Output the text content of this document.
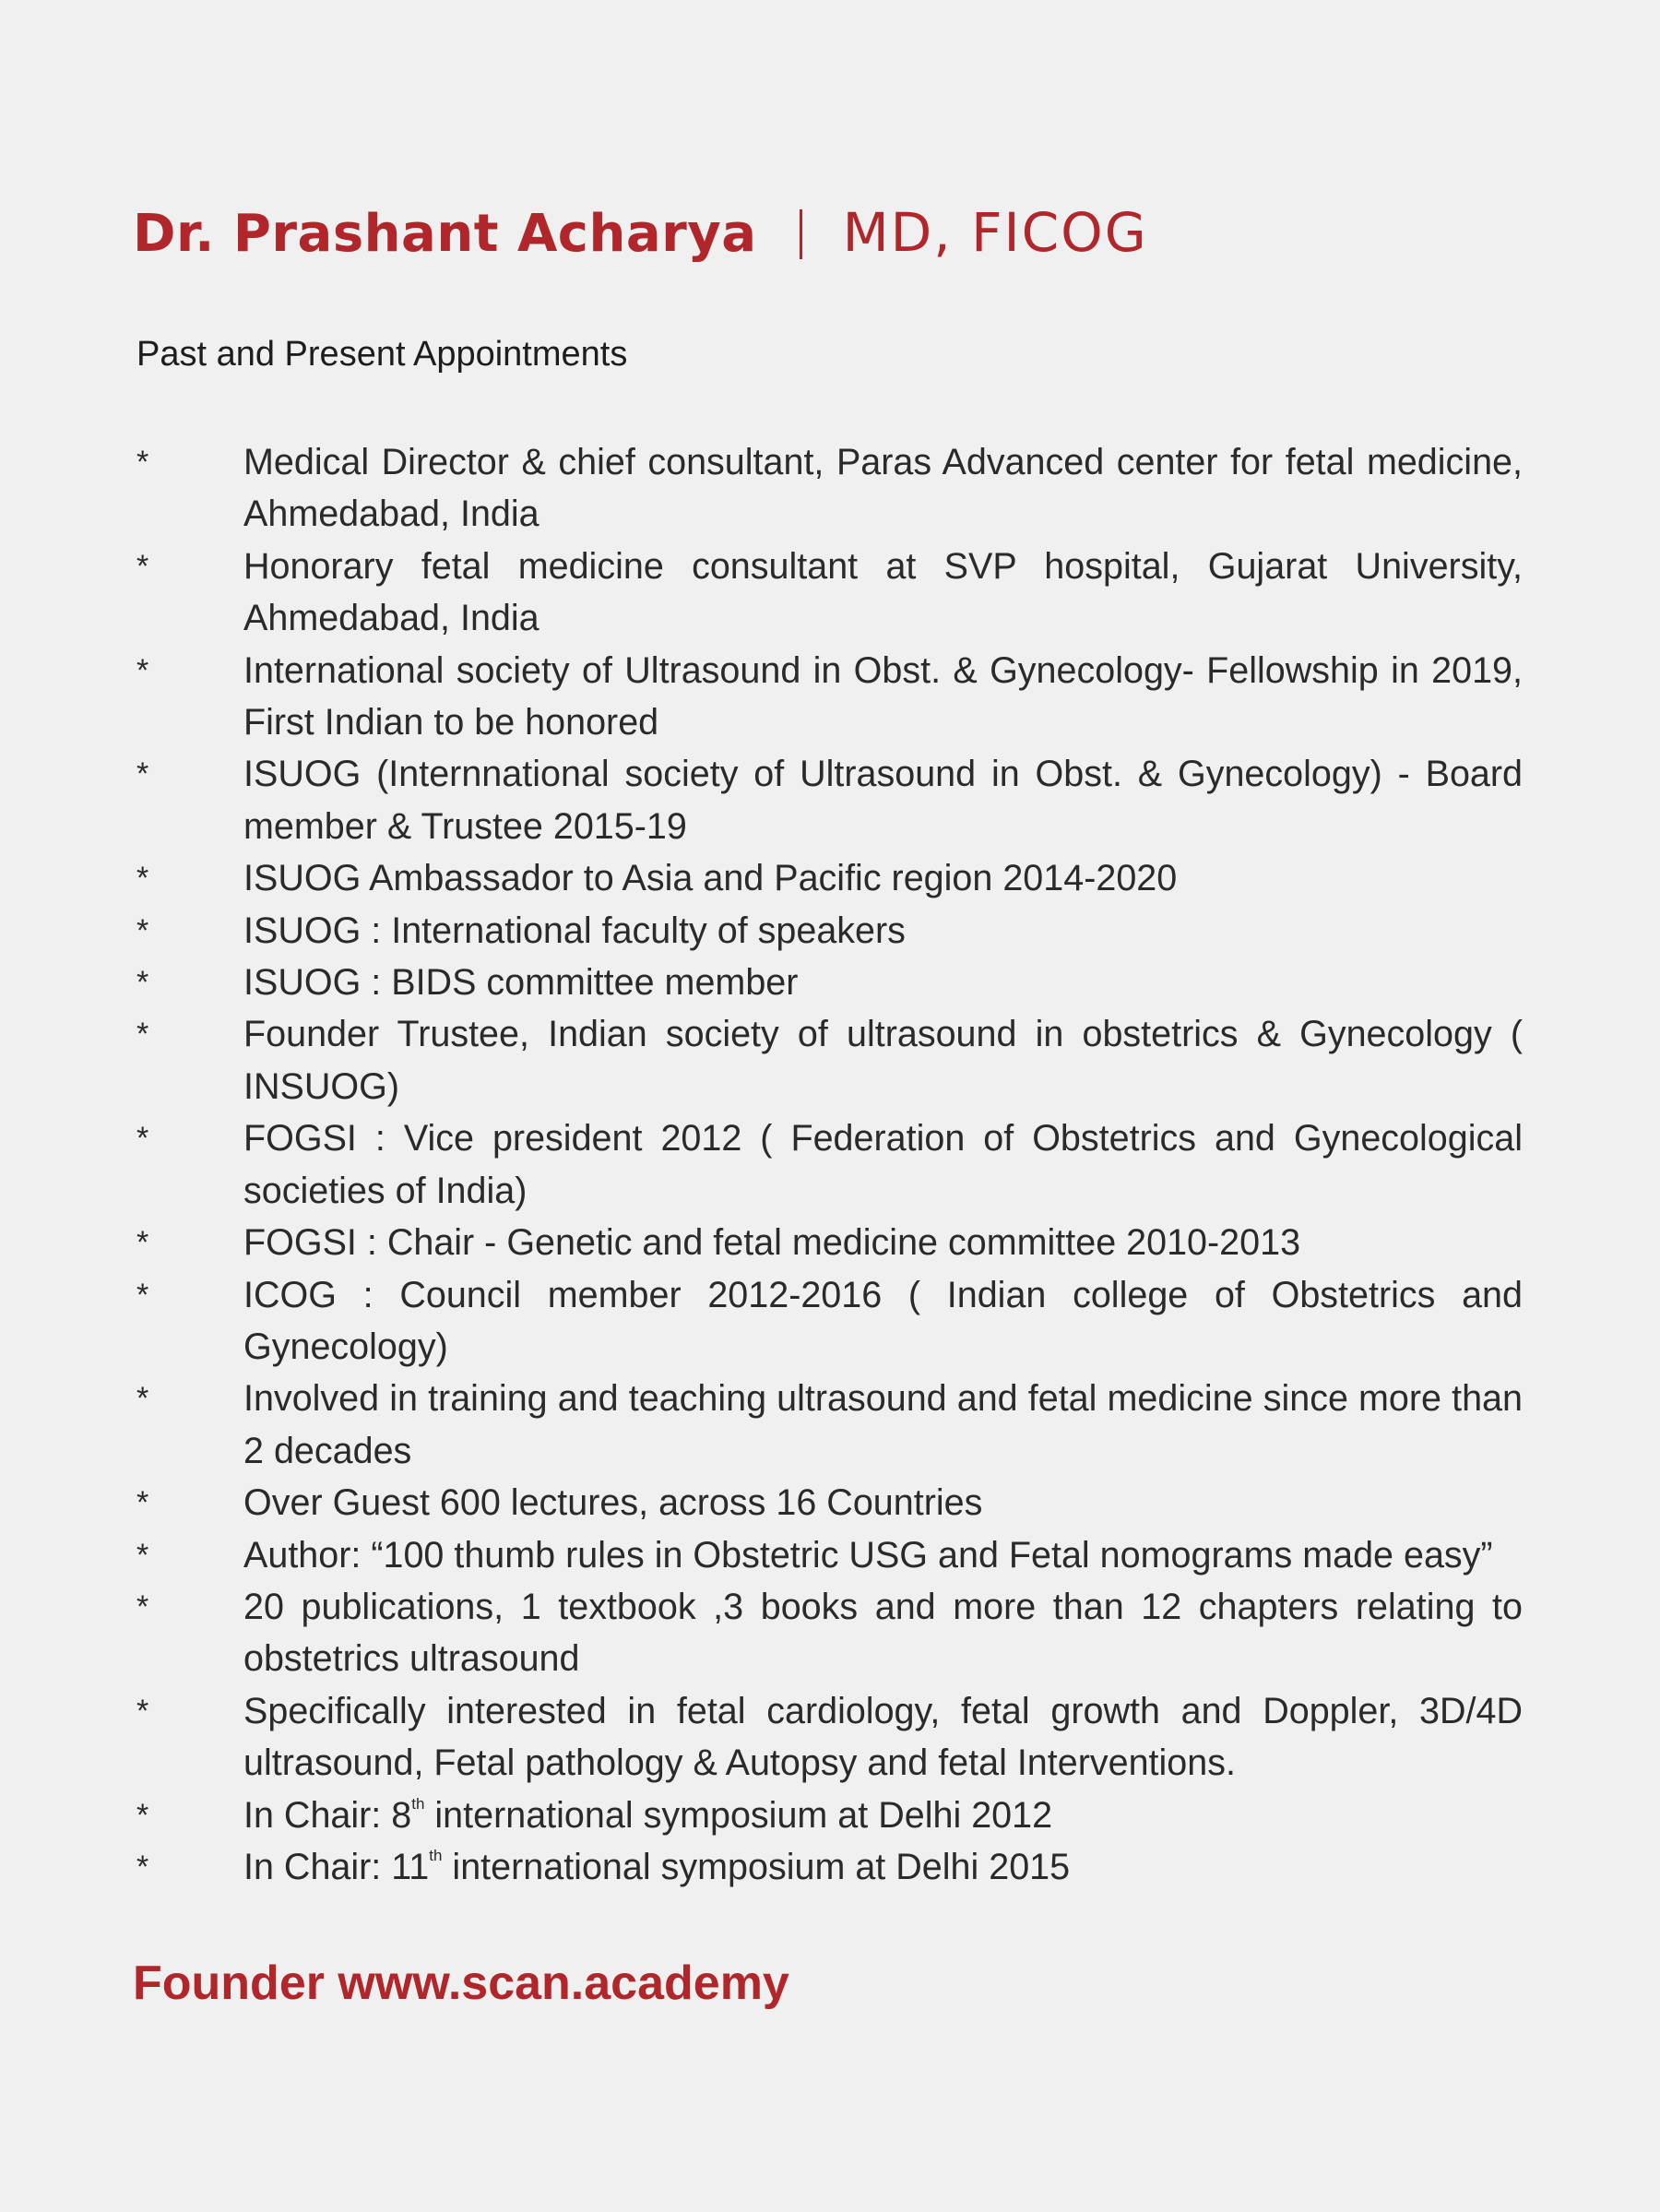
Dr. Prashant Acharya MD, FICOG
Past and Present Appointments
*	Medical Director & chief consultant, Paras Advanced center for fetal medicine, Ahmedabad, India
*	Honorary fetal medicine consultant at SVP hospital, Gujarat University, Ahmedabad, India
*	International society of Ultrasound in Obst. & Gynecology- Fellowship in 2019, First Indian to be honored
*	ISUOG (Internnational society of Ultrasound in Obst. & Gynecology) - Board member & Trustee 2015-19
*	ISUOG Ambassador to Asia and Pacific region 2014-2020
*	ISUOG : International faculty of speakers
*	ISUOG : BIDS committee member
*	Founder Trustee, Indian society of ultrasound in obstetrics & Gynecology ( INSUOG)
*	FOGSI : Vice president 2012 ( Federation of Obstetrics and Gynecological societies of India)
*	FOGSI : Chair - Genetic and fetal medicine committee 2010-2013
*	ICOG : Council member 2012-2016 ( Indian college of Obstetrics and Gynecology)
*	Involved in training and teaching ultrasound and fetal medicine since more than 2 decades
*	Over Guest 600 lectures, across 16 Countries
*	Author: “100 thumb rules in Obstetric USG and Fetal nomograms made easy”
*	20 publications, 1 textbook ,3 books and more than 12 chapters relating to obstetrics ultrasound
*	Specifically interested in fetal cardiology, fetal growth and Doppler, 3D/4D ultrasound, Fetal pathology & Autopsy and fetal Interventions.
*	In Chair: 8th international symposium at Delhi 2012
*	In Chair: 11th international symposium at Delhi 2015
Founder www.scan.academy
